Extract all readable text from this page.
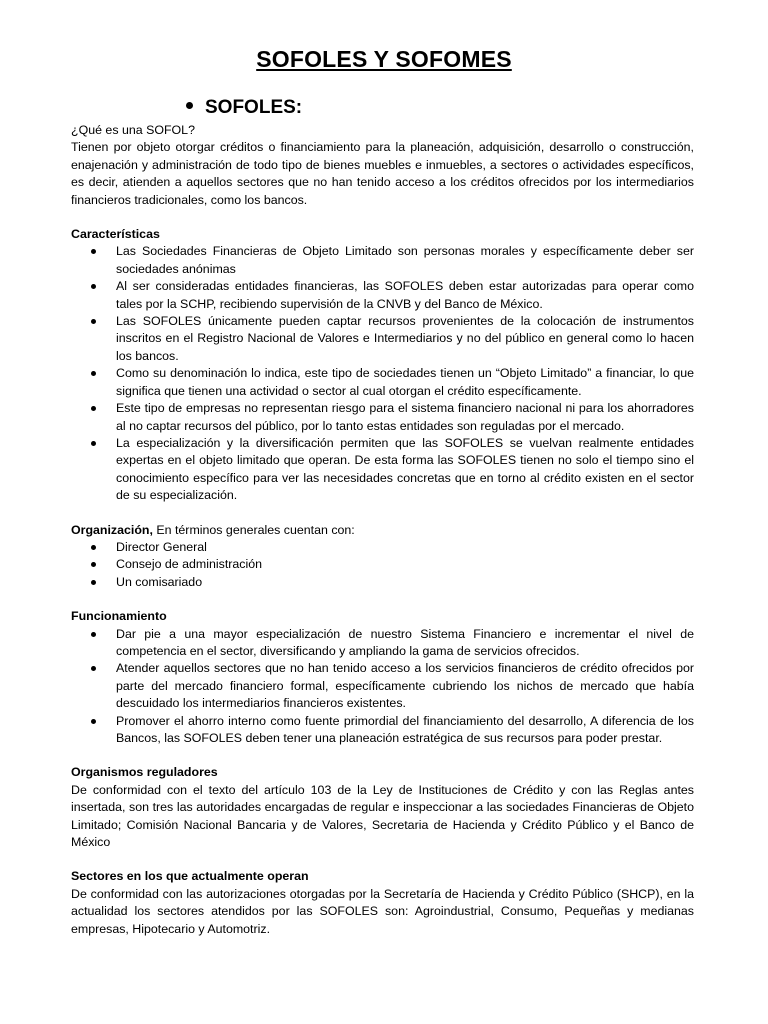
SOFOLES Y SOFOMES
SOFOLES:

¿Qué es una SOFOL?

Tienen por objeto otorgar créditos o financiamiento para la planeación, adquisición, desarrollo o construcción, enajenación y administración de todo tipo de bienes muebles e inmuebles, a sectores o actividades específicos, es decir, atienden a aquellos sectores que no han tenido acceso a los créditos ofrecidos por los intermediarios financieros tradicionales, como los bancos.

Características

Las Sociedades Financieras de Objeto Limitado son personas morales y específicamente deber ser sociedades anónimas
Al ser consideradas entidades financieras, las SOFOLES deben estar autorizadas para operar como tales por la SCHP, recibiendo supervisión de la CNVB y del Banco de México.
Las SOFOLES únicamente pueden captar recursos provenientes de la colocación de instrumentos inscritos en el Registro Nacional de Valores e Intermediarios y no del público en general como lo hacen los bancos.
Como su denominación lo indica, este tipo de sociedades tienen un “Objeto Limitado” a financiar, lo que significa que tienen una actividad o sector al cual otorgan el crédito específicamente.
Este tipo de empresas no representan riesgo para el sistema financiero nacional ni para los ahorradores al no captar recursos del público, por lo tanto estas entidades son reguladas por el mercado.
La especialización y la diversificación permiten que las SOFOLES se vuelvan realmente entidades expertas en el objeto limitado que operan. De esta forma las SOFOLES tienen no solo el tiempo sino el conocimiento específico para ver las necesidades concretas que en torno al crédito existen en el sector de su especialización.

Organización, En términos generales cuentan con:

Director General
Consejo de administración
Un comisariado

Funcionamiento

Dar pie a una mayor especialización de nuestro Sistema Financiero e incrementar el nivel de competencia en el sector, diversificando y ampliando la gama de servicios ofrecidos.
Atender aquellos sectores que no han tenido acceso a los servicios financieros de crédito ofrecidos por parte del mercado financiero formal, específicamente cubriendo los nichos de mercado que había descuidado los intermediarios financieros existentes.
Promover el ahorro interno como fuente primordial del financiamiento del desarrollo, A diferencia de los Bancos, las SOFOLES deben tener una planeación estratégica de sus recursos para poder prestar.

Organismos reguladores

De conformidad con el texto del artículo 103 de la Ley de Instituciones de Crédito y con las Reglas antes insertada, son tres las autoridades encargadas de regular e inspeccionar a las sociedades Financieras de Objeto Limitado; Comisión Nacional Bancaria y de Valores, Secretaria de Hacienda y Crédito Público y el Banco de México

Sectores en los que actualmente operan

De conformidad con las autorizaciones otorgadas por la Secretaría de Hacienda y Crédito Público (SHCP), en la actualidad los sectores atendidos por las SOFOLES son: Agroindustrial, Consumo, Pequeñas y medianas empresas, Hipotecario y Automotriz.
